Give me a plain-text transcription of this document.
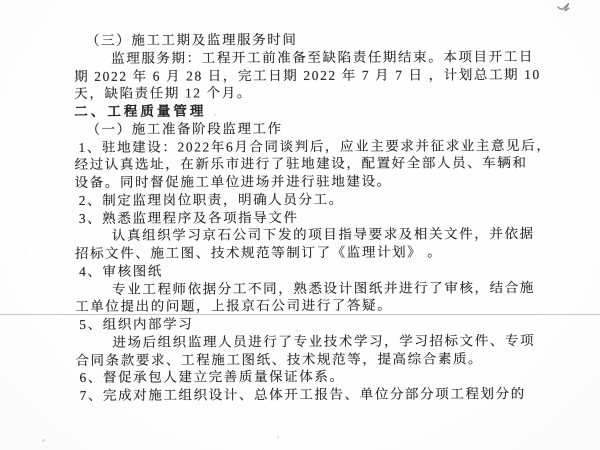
（三）施工工期及监理服务时间
监理服务期：工程开工前准备至缺陷责任期结束。本项目开工日
期 2022 年 6 月 28 日，完工日期 2022 年 7 月 7 日 ，计划总工期 10
天，缺陷责任期 12 个月。
二、工程质量管理
（一）施工准备阶段监理工作
1、驻地建设：2022年6月合同谈判后，应业主要求并征求业主意见后，
经过认真选址，在新乐市进行了驻地建设，配置好全部人员、车辆和
设备。同时督促施工单位进场并进行驻地建设。
2、制定监理岗位职责，明确人员分工。
3、熟悉监理程序及各项指导文件
认真组织学习京石公司下发的项目指导要求及相关文件，并依据
招标文件、施工图、技术规范等制订了《监理计划》 。
4、审核图纸
专业工程师依据分工不同，熟悉设计图纸并进行了审核，结合施
工单位提出的问题，上报京石公司进行了答疑。
5、组织内部学习
进场后组织监理人员进行了专业技术学习，学习招标文件、专项
合同条款要求、工程施工图纸、技术规范等，提高综合素质。
6、督促承包人建立完善质量保证体系。
7、完成对施工组织设计、总体开工报告、单位分部分项工程划分的
